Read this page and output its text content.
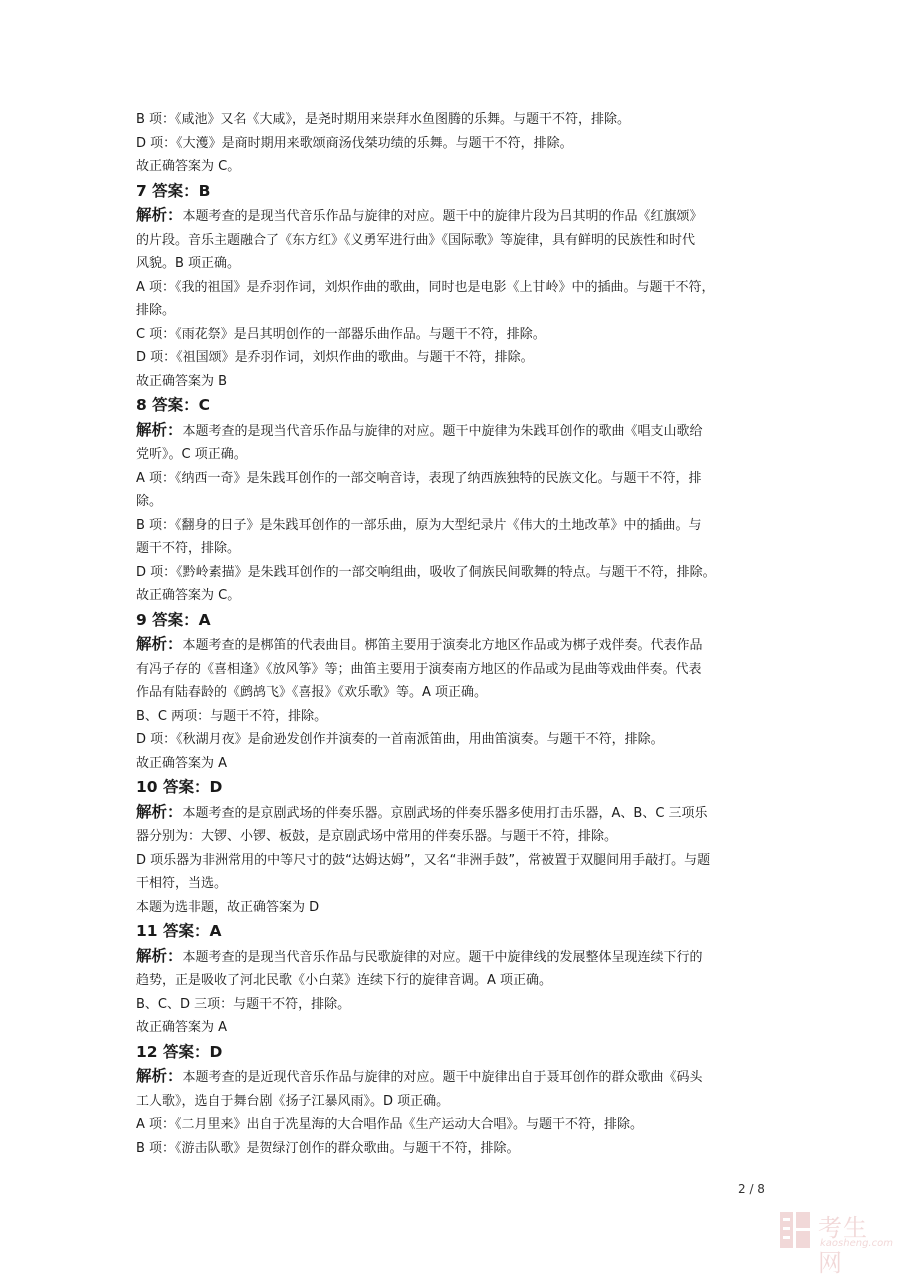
B 项：《咸池》又名《大咸》，是尧时期用来崇拜水鱼图腾的乐舞。与题干不符，排除。
D 项：《大濩》是商时期用来歌颂商汤伐桀功绩的乐舞。与题干不符，排除。
故正确答案为 C。
7 答案：B
解析：本题考查的是现当代音乐作品与旋律的对应。题干中的旋律片段为吕其明的作品《红旗颂》
的片段。音乐主题融合了《东方红》《义勇军进行曲》《国际歌》等旋律，具有鲜明的民族性和时代
风貌。B 项正确。
A 项：《我的祖国》是乔羽作词，刘炽作曲的歌曲，同时也是电影《上甘岭》中的插曲。与题干不符，
排除。
C 项：《雨花祭》是吕其明创作的一部器乐曲作品。与题干不符，排除。
D 项：《祖国颂》是乔羽作词，刘炽作曲的歌曲。与题干不符，排除。
故正确答案为 B
8 答案：C
解析：本题考查的是现当代音乐作品与旋律的对应。题干中旋律为朱践耳创作的歌曲《唱支山歌给
党听》。C 项正确。
A 项：《纳西一奇》是朱践耳创作的一部交响音诗，表现了纳西族独特的民族文化。与题干不符，排
除。
B 项：《翻身的日子》是朱践耳创作的一部乐曲，原为大型纪录片《伟大的土地改革》中的插曲。与
题干不符，排除。
D 项：《黔岭素描》是朱践耳创作的一部交响组曲，吸收了侗族民间歌舞的特点。与题干不符，排除。
故正确答案为 C。
9 答案：A
解析：本题考查的是梆笛的代表曲目。梆笛主要用于演奏北方地区作品或为梆子戏伴奏。代表作品
有冯子存的《喜相逢》《放风筝》等；曲笛主要用于演奏南方地区的作品或为昆曲等戏曲伴奏。代表
作品有陆春龄的《鹧鸪飞》《喜报》《欢乐歌》等。A 项正确。
B、C 两项：与题干不符，排除。
D 项：《秋湖月夜》是俞逊发创作并演奏的一首南派笛曲，用曲笛演奏。与题干不符，排除。
故正确答案为 A
10 答案：D
解析：本题考查的是京剧武场的伴奏乐器。京剧武场的伴奏乐器多使用打击乐器，A、B、C 三项乐
器分别为：大锣、小锣、板鼓，是京剧武场中常用的伴奏乐器。与题干不符，排除。
D 项乐器为非洲常用的中等尺寸的鼓“达姆达姆”，又名“非洲手鼓”，常被置于双腿间用手敲打。与题
干相符，当选。
本题为选非题，故正确答案为 D
11 答案：A
解析：本题考查的是现当代音乐作品与民歌旋律的对应。题干中旋律线的发展整体呈现连续下行的
趋势，正是吸收了河北民歌《小白菜》连续下行的旋律音调。A 项正确。
B、C、D 三项：与题干不符，排除。
故正确答案为 A
12 答案：D
解析：本题考查的是近现代音乐作品与旋律的对应。题干中旋律出自于聂耳创作的群众歌曲《码头
工人歌》，选自于舞台剧《扬子江暴风雨》。D 项正确。
A 项：《二月里来》出自于冼星海的大合唱作品《生产运动大合唱》。与题干不符，排除。
B 项：《游击队歌》是贺绿汀创作的群众歌曲。与题干不符，排除。
2 / 8
考生网
kaosheng.com
